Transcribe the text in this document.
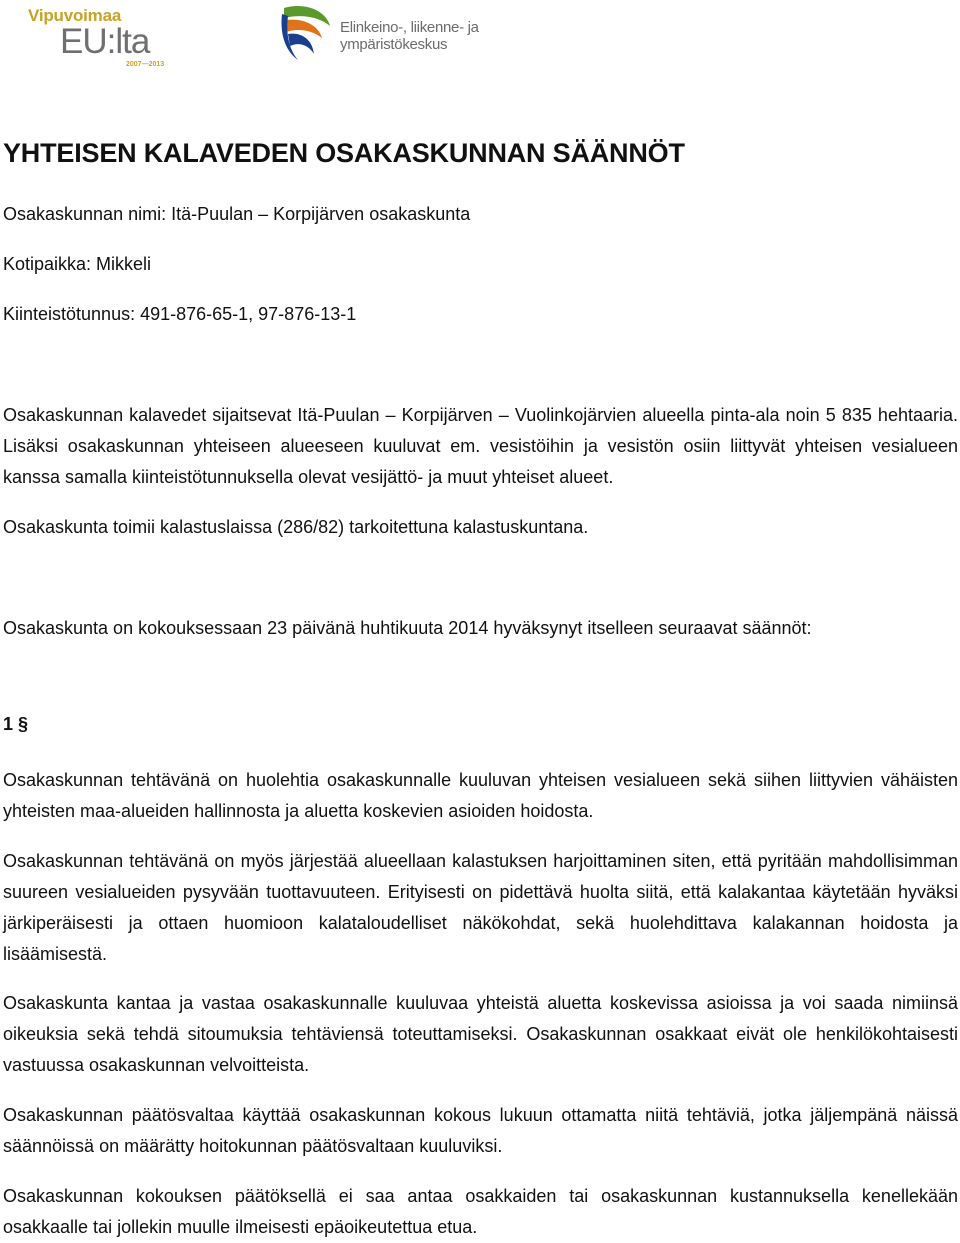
Vipuvoimaa
EU:lta
2007—2013
Elinkeino-, liikenne- ja
ympäristökeskus
YHTEISEN KALAVEDEN OSAKASKUNNAN SÄÄNNÖT
Osakaskunnan nimi: Itä-Puulan – Korpijärven osakaskunta
Kotipaikka: Mikkeli
Kiinteistötunnus: 491-876-65-1, 97-876-13-1

Osakaskunnan kalavedet sijaitsevat Itä-Puulan – Korpijärven – Vuolinkojärvien alueella pinta-ala noin 5 835 hehtaaria. Lisäksi osakaskunnan yhteiseen alueeseen kuuluvat em. vesistöihin ja vesistön osiin liittyvät yhteisen vesialueen kanssa samalla kiinteistötunnuksella olevat vesijättö- ja muut yhteiset alueet.

Osakaskunta toimii kalastuslaissa (286/82) tarkoitettuna kalastuskuntana.
Osakaskunta on kokouksessaan 23 päivänä huhtikuuta 2014 hyväksynyt itselleen seuraavat säännöt:
1 §

Osakaskunnan tehtävänä on huolehtia osakaskunnalle kuuluvan yhteisen vesialueen sekä siihen liittyvien vähäisten yhteisten maa-alueiden hallinnosta ja aluetta koskevien asioiden hoidosta.

Osakaskunnan tehtävänä on myös järjestää alueellaan kalastuksen harjoittaminen siten, että pyritään mahdollisimman suureen vesialueiden pysyvään tuottavuuteen. Erityisesti on pidettävä huolta siitä, että kalakantaa käytetään hyväksi järkiperäisesti ja ottaen huomioon kalataloudelliset näkökohdat, sekä huolehdittava kalakannan hoidosta ja lisäämisestä.

Osakaskunta kantaa ja vastaa osakaskunnalle kuuluvaa yhteistä aluetta koskevissa asioissa ja voi saada nimiinsä oikeuksia sekä tehdä sitoumuksia tehtäviensä toteuttamiseksi. Osakaskunnan osakkaat eivät ole henkilökohtaisesti vastuussa osakaskunnan velvoitteista.

Osakaskunnan päätösvaltaa käyttää osakaskunnan kokous lukuun ottamatta niitä tehtäviä, jotka jäljempänä näissä säännöissä on määrätty hoitokunnan päätösvaltaan kuuluviksi.

Osakaskunnan kokouksen päätöksellä ei saa antaa osakkaiden tai osakaskunnan kustannuksella kenellekään osakkaalle tai jollekin muulle ilmeisesti epäoikeutettua etua.
